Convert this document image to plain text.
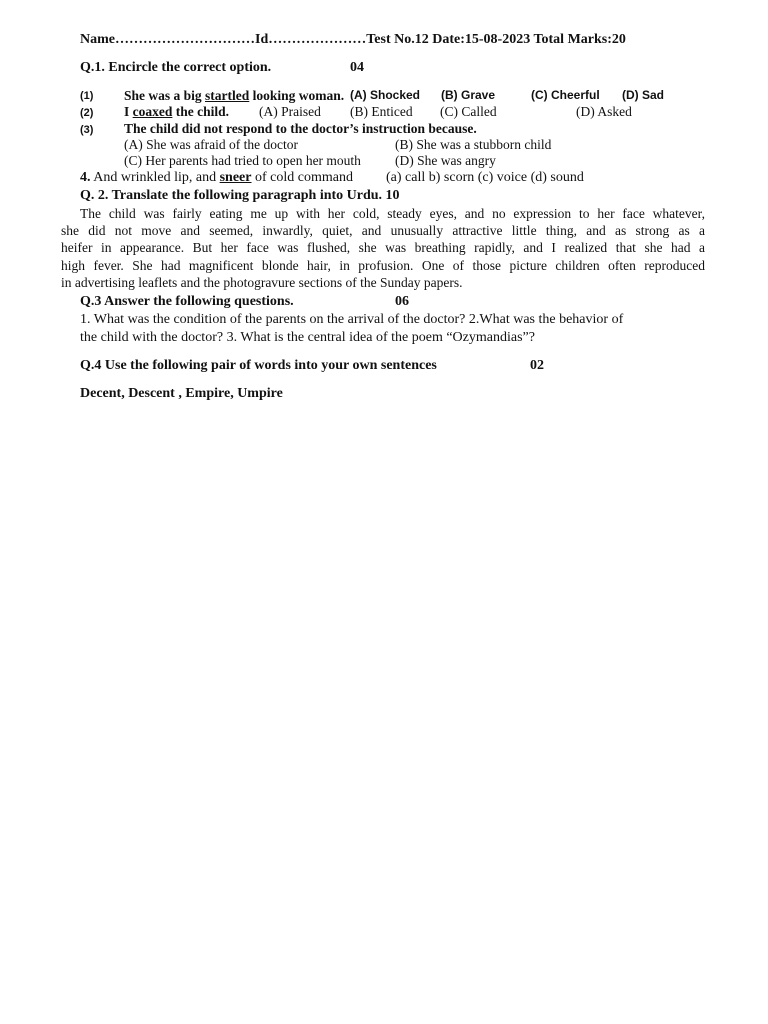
Name…………………………Id…………………Test No.12 Date:15-08-2023 Total Marks:20
Q.1. Encircle the correct option.	04
(1) She was a big startled looking woman. (A) Shocked (B) Grave	(C) Cheerful (D) Sad
(2) I coaxed the child. (A) Praised (B) Enticed (C) Called	(D) Asked
(3) The child did not respond to the doctor’s instruction because.
(A) She was afraid of the doctor	(B) She was a stubborn child
(C) Her parents had tried to open her mouth	(D) She was angry
4. And wrinkled lip, and sneer of cold command (a) call b) scorn (c) voice (d) sound
Q. 2. Translate the following paragraph into Urdu. 10
The child was fairly eating me up with her cold, steady eyes, and no expression to her face whatever,
she did not move and seemed, inwardly, quiet, and unusually attractive little thing, and as strong as a
heifer in appearance. But her face was flushed, she was breathing rapidly, and I realized that she had a
high fever. She had magnificent blonde hair, in profusion. One of those picture children often reproduced
in advertising leaflets and the photogravure sections of the Sunday papers.
Q.3 Answer the following questions.	06
1. What was the condition of the parents on the arrival of the doctor? 2.What was the behavior of
the child with the doctor? 3. What is the central idea of the poem “Ozymandias”?
Q.4 Use the following pair of words into your own sentences	02
Decent, Descent , Empire, Umpire
